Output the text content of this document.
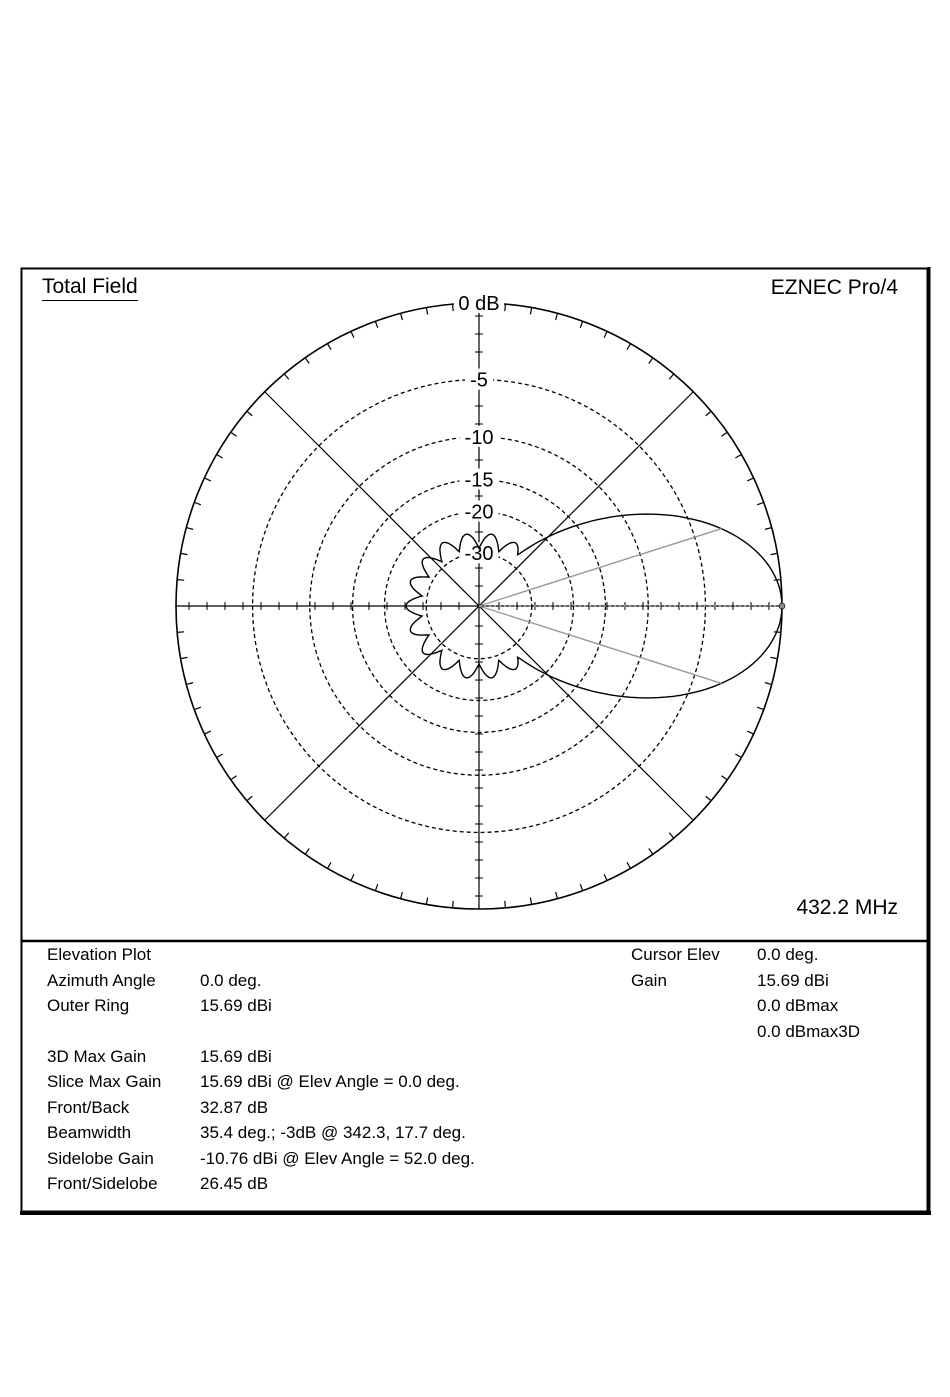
0 dB
-5
-10
-15
-20
-30
Total Field	EZNEC Pro/4
432.2 MHz
Elevation Plot
Azimuth Angle	0.0 deg.
Outer Ring	15.69 dBi
3D Max Gain	15.69 dBi
Slice Max Gain 15.69 dBi @ Elev Angle = 0.0 deg.
Front/Back	32.87 dB
Beamwidth	35.4 deg.; -3dB @ 342.3, 17.7 deg.
Sidelobe Gain	-10.76 dBi @ Elev Angle = 52.0 deg.
Front/Sidelobe 26.45 dB
Cursor Elev 0.0 deg.
Gain	15.69 dBi
0.0 dBmax
0.0 dBmax3D
